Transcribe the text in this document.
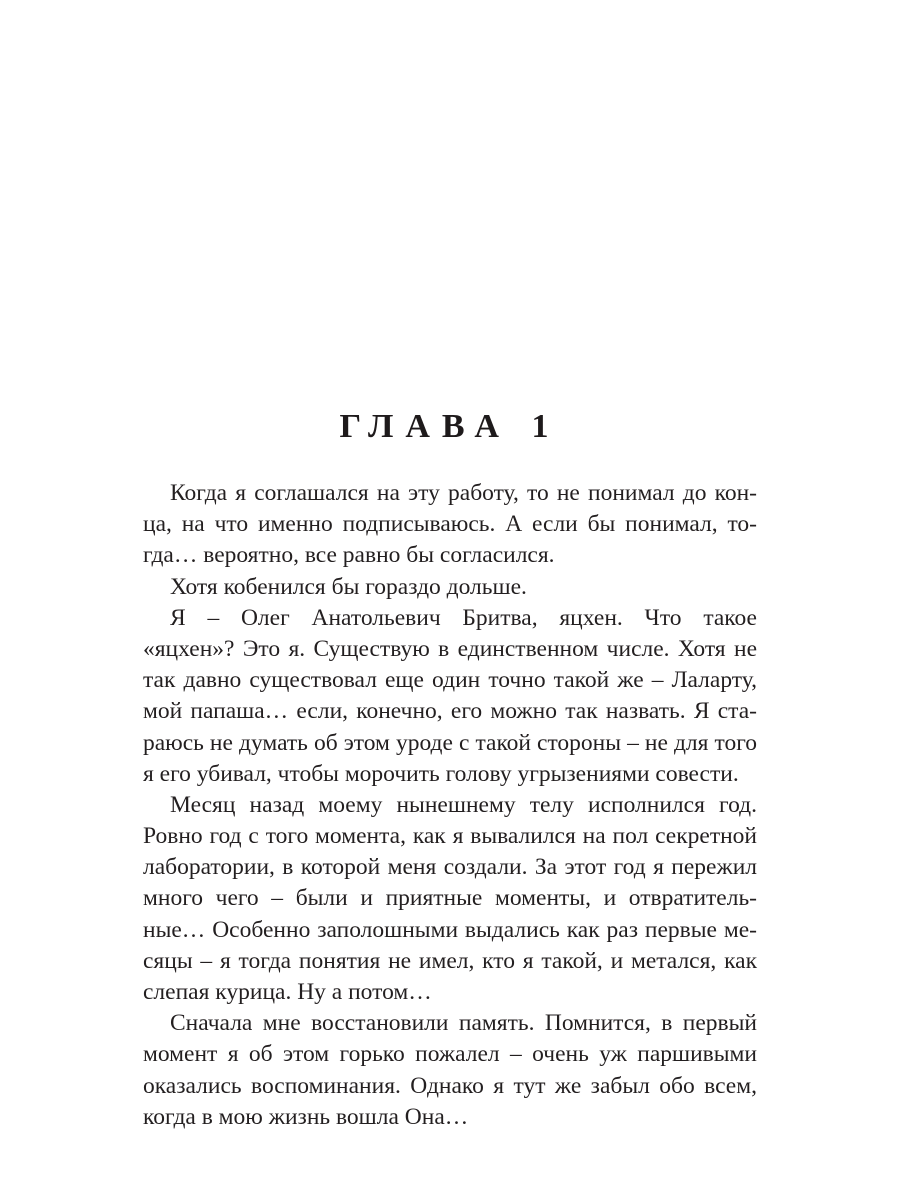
ГЛАВА 1
Когда я соглашался на эту работу, то не понимал до кон-
ца, на что именно подписываюсь. А если бы понимал, то-
гда… вероятно, все равно бы согласился.
Хотя кобенился бы гораздо дольше.
Я – Олег Анатольевич Бритва, яцхен. Что такое
«яцхен»? Это я. Существую в единственном числе. Хотя не
так давно существовал еще один точно такой же – Лаларту,
мой папаша… если, конечно, его можно так назвать. Я ста-
раюсь не думать об этом уроде с такой стороны – не для того
я его убивал, чтобы морочить голову угрызениями совести.
Месяц назад моему нынешнему телу исполнился год.
Ровно год с того момента, как я вывалился на пол секретной
лаборатории, в которой меня создали. За этот год я пережил
много чего – были и приятные моменты, и отвратитель-
ные… Особенно заполошными выдались как раз первые ме-
сяцы – я тогда понятия не имел, кто я такой, и метался, как
слепая курица. Ну а потом…
Сначала мне восстановили память. Помнится, в первый
момент я об этом горько пожалел – очень уж паршивыми
оказались воспоминания. Однако я тут же забыл обо всем,
когда в мою жизнь вошла Она…
